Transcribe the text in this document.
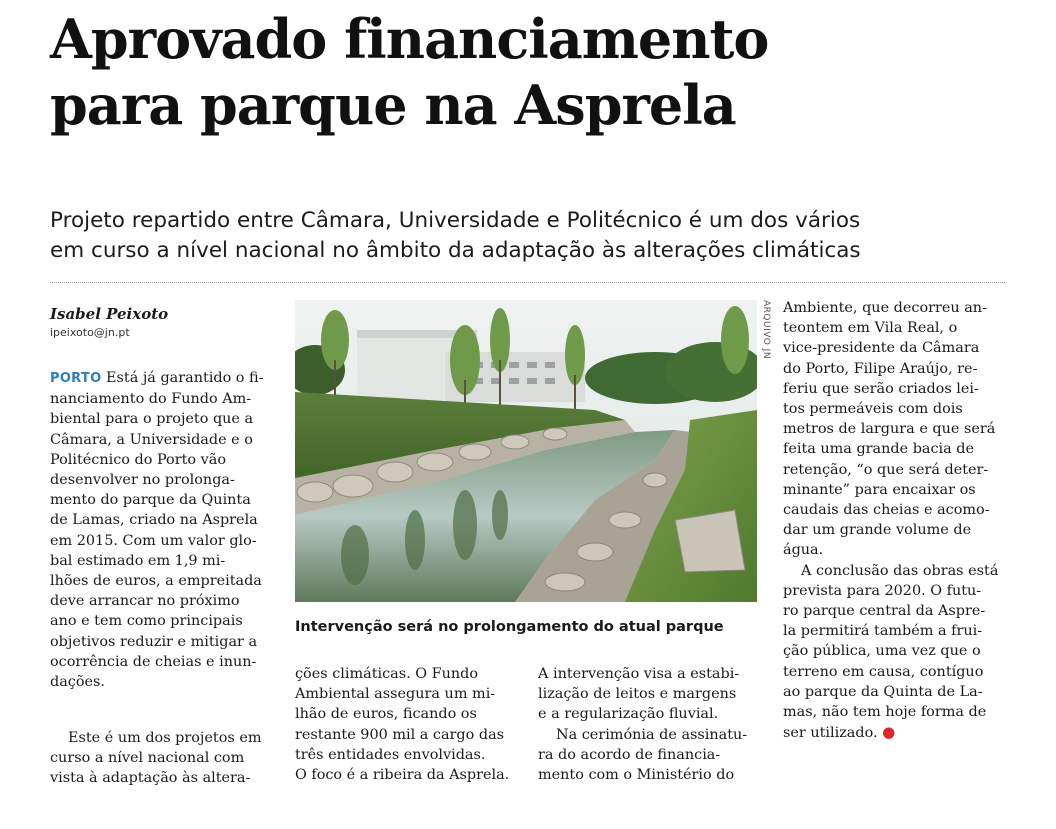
Aprovado financiamento
para parque na Asprela
Projeto repartido entre Câmara, Universidade e Politécnico é um dos vários
em curso a nível nacional no âmbito da adaptação às alterações climáticas
Isabel Peixoto
ipeixoto@jn.pt
PORTO Está já garantido o fi-
nanciamento do Fundo Am-
biental para o projeto que a
Câmara, a Universidade e o
Politécnico do Porto vão
desenvolver no prolonga-
mento do parque da Quinta
de Lamas, criado na Asprela
em 2015. Com um valor glo-
bal estimado em 1,9 mi-
lhões de euros, a empreitada
deve arrancar no próximo
ano e tem como principais
objetivos reduzir e mitigar a
ocorrência de cheias e inun-
dações.
Este é um dos projetos em
curso a nível nacional com
vista à adaptação às altera-
ARQUIVO JN
Intervenção será no prolongamento do atual parque
ções climáticas. O Fundo
Ambiental assegura um mi-
lhão de euros, ficando os
restante 900 mil a cargo das
três entidades envolvidas.
O foco é a ribeira da Asprela.
A intervenção visa a estabi-
lização de leitos e margens
e a regularização fluvial.
Na cerimónia de assinatu-
ra do acordo de financia-
mento com o Ministério do
Ambiente, que decorreu an-
teontem em Vila Real, o
vice-presidente da Câmara
do Porto, Filipe Araújo, re-
feriu que serão criados lei-
tos permeáveis com dois
metros de largura e que será
feita uma grande bacia de
retenção, “o que será deter-
minante” para encaixar os
caudais das cheias e acomo-
dar um grande volume de
água.
A conclusão das obras está
prevista para 2020. O futu-
ro parque central da Aspre-
la permitirá também a frui-
ção pública, uma vez que o
terreno em causa, contíguo
ao parque da Quinta de La-
mas, não tem hoje forma de
ser utilizado. ●
